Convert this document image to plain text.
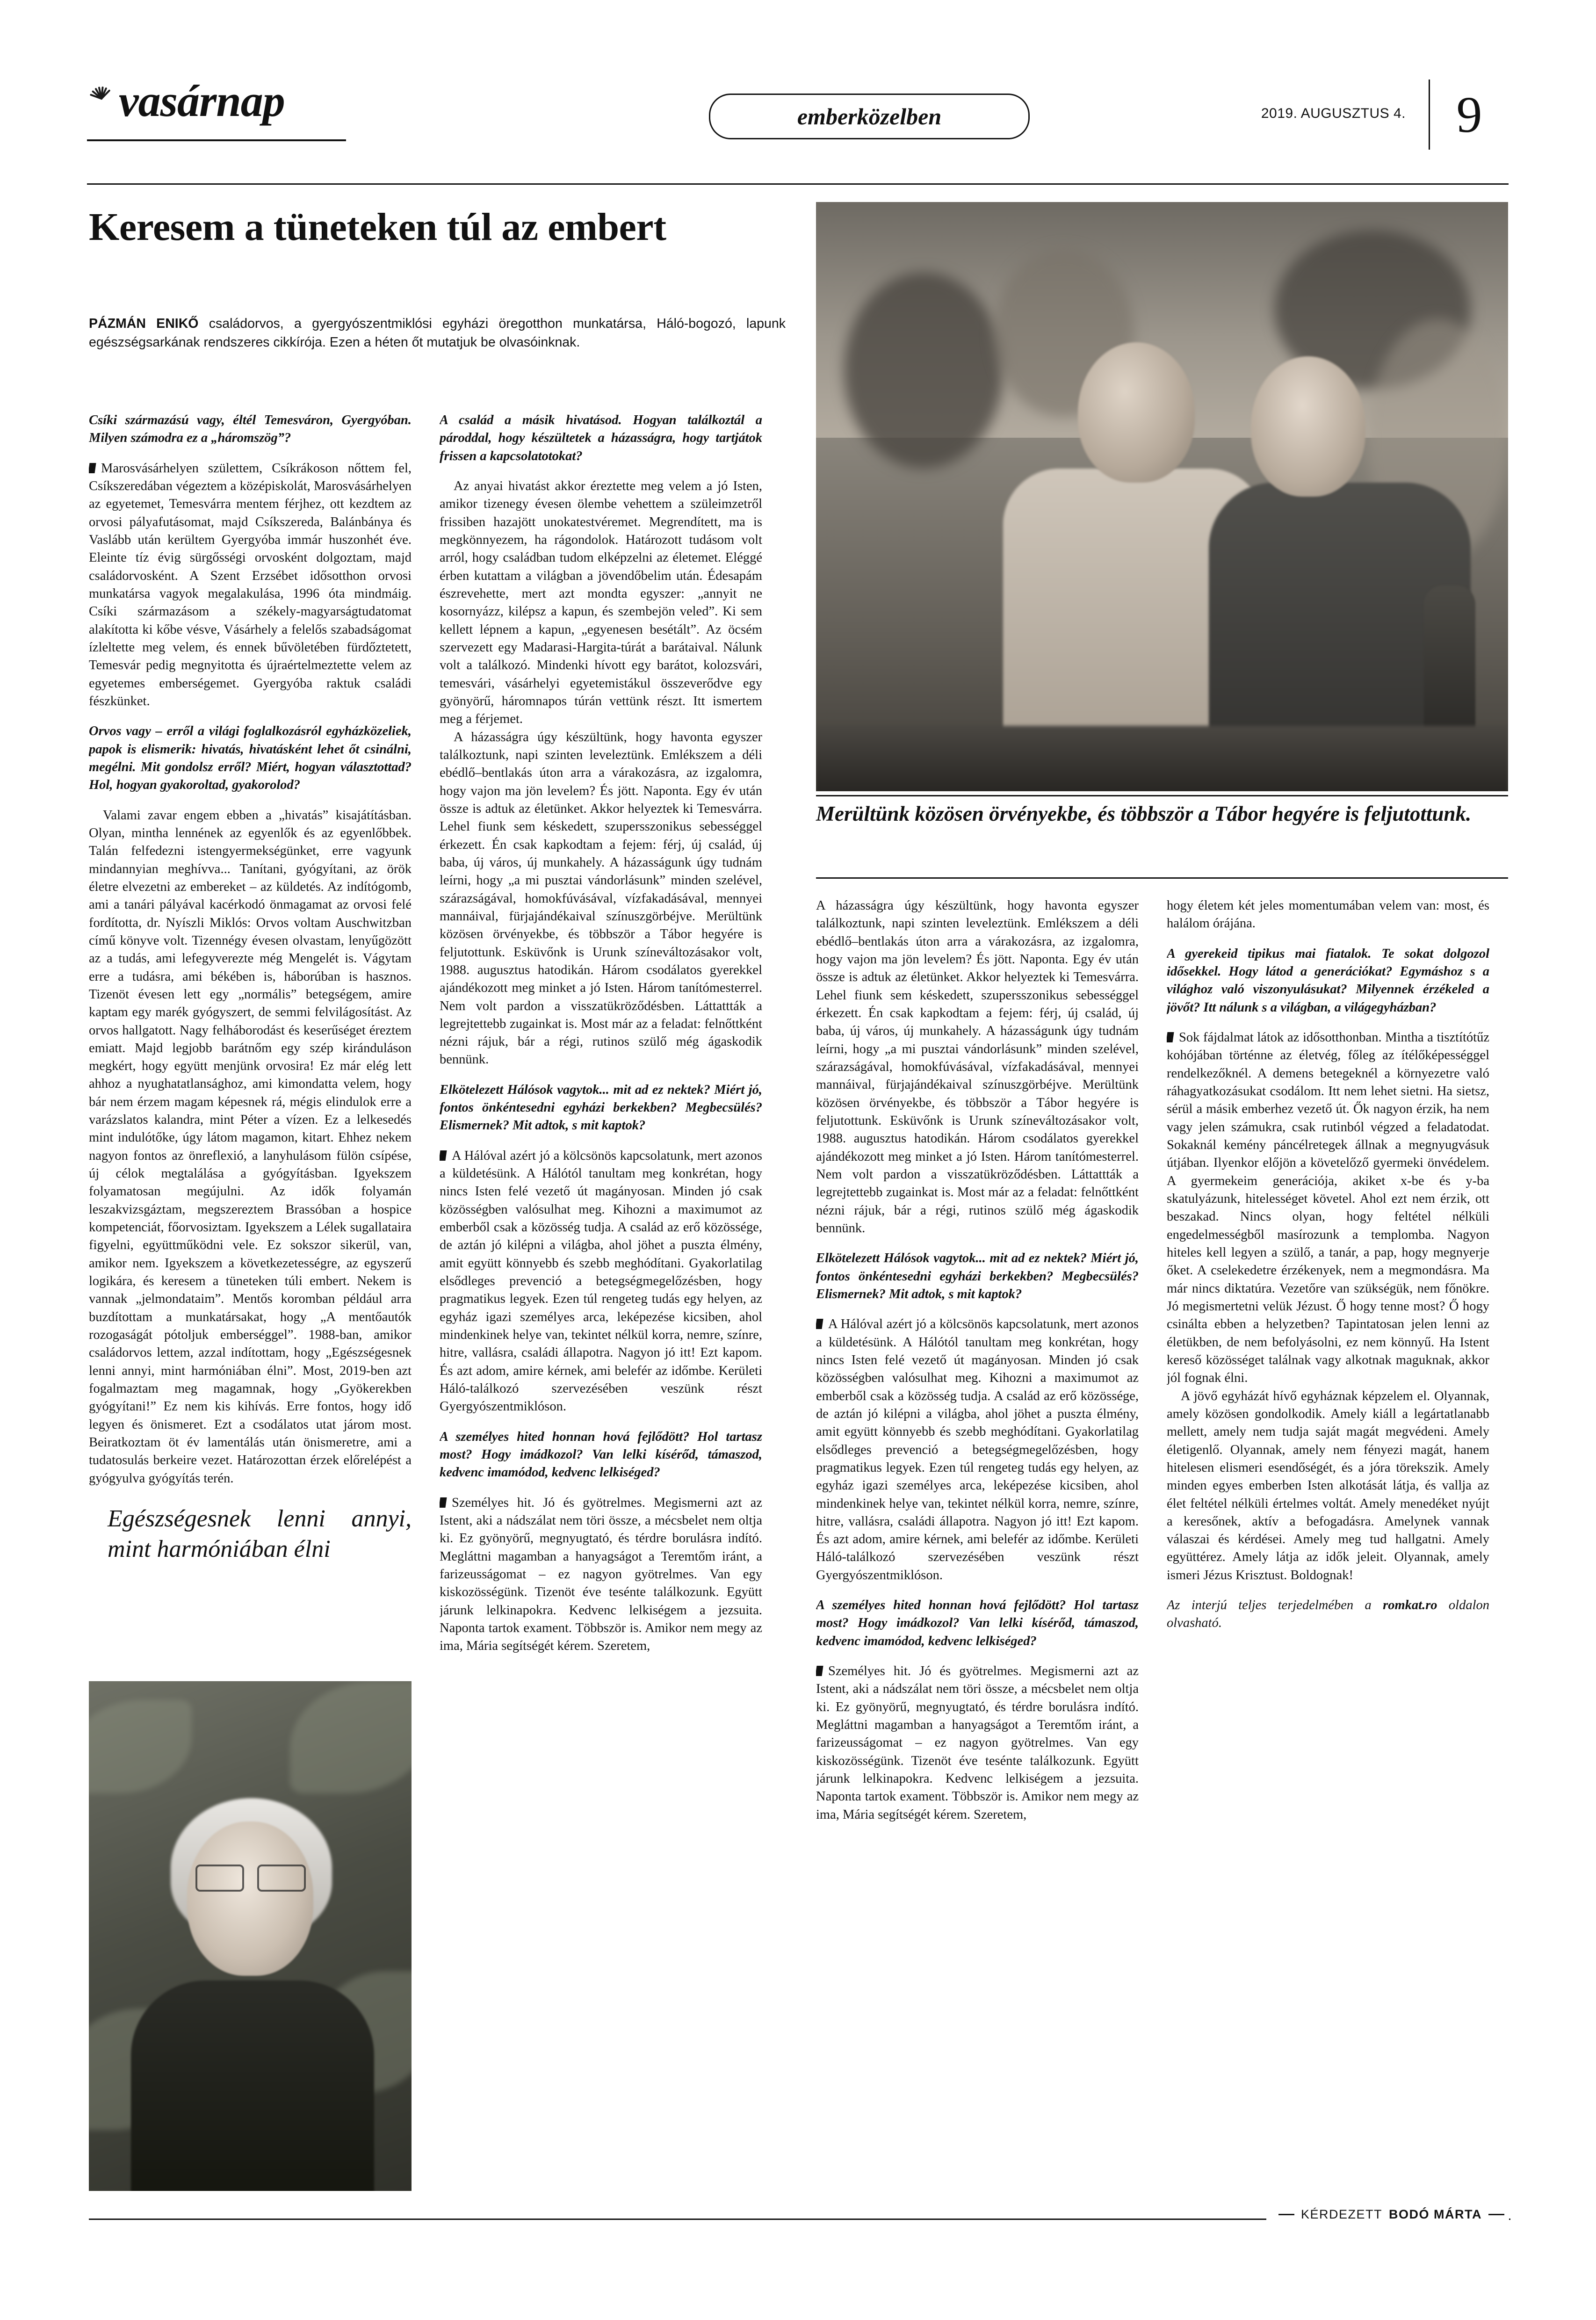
vasárnap	emberközelben	2019. AUGUSZTUS 4. 9
Keresem a tüneteken túl az embert
PÁZMÁN ENIKŐ családorvos, a gyergyószentmiklósi egyházi öregotthon munkatársa, Háló-bogozó, lapunk egészségsarkának rendszeres cikkírója. Ezen a héten őt mutatjuk be olvasóinknak.
Merültünk közösen örvényekbe, és többször a Tábor hegyére is feljutottunk.
Csíki származású vagy, éltél Temesváron, Gyergyóban. Milyen számodra ez a „háromszög”?

Marosvásárhelyen születtem, Csíkrákoson nőttem fel, Csíkszeredában végeztem a középiskolát, Marosvásárhelyen az egyetemet, Temesvárra mentem férjhez, ott kezdtem az orvosi pályafutásomat, majd Csíkszereda, Balánbánya és Vaslább után kerültem Gyergyóba immár huszonhét éve. Eleinte tíz évig sürgősségi orvosként dolgoztam, majd családorvosként. A Szent Erzsébet idősotthon orvosi munkatársa vagyok megalakulása, 1996 óta mindmáig. Csíki származásom a székely-magyarságtudatomat alakította ki kőbe vésve, Vásárhely a felelős szabadságomat ízleltette meg velem, és ennek bűvöletében fürdőztetett, Temesvár pedig megnyitotta és újraértelmeztette velem az egyetemes emberségemet. Gyergyóba raktuk családi fészkünket.

Orvos vagy – erről a világi foglalkozásról egyházközeliek, papok is elismerik: hivatás, hivatásként lehet őt csinálni, megélni. Mit gondolsz erről? Miért, hogyan választottad? Hol, hogyan gyakoroltad, gyakorolod?

Valami zavar engem ebben a „hivatás” kisajátításban. Olyan, mintha lennének az egyenlők és az egyenlőbbek. Talán felfedezni istengyermekségünket, erre vagyunk mindannyian meghívva... Tanítani, gyógyítani, az örök életre elvezetni az embereket – az küldetés. Az indítógomb, ami a tanári pályával kacérkodó önmagamat az orvosi felé fordította, dr. Nyíszli Miklós: Orvos voltam Auschwitzban című könyve volt. Tizennégy évesen olvastam, lenyűgözött az a tudás, ami lefegyverezte még Mengelét is. Vágytam erre a tudásra, ami békében is, háborúban is hasznos. Tizenöt évesen lett egy „normális” betegségem, amire kaptam egy marék gyógyszert, de semmi felvilágosítást. Az orvos hallgatott. Nagy felháborodást és keserűséget éreztem emiatt. Majd legjobb barátnőm egy szép kiránduláson megkért, hogy együtt menjünk orvosira! Ez már elég lett ahhoz a nyughatatlansághoz, ami kimondatta velem, hogy bár nem érzem magam képesnek rá, mégis elindulok erre a varázslatos kalandra, mint Péter a vízen. Ez a lelkesedés mint indulótőke, úgy látom magamon, kitart. Ehhez nekem nagyon fontos az önreflexió, a lanyhulásom fülön csípése, új célok megtalálása a gyógyításban. Igyekszem folyamatosan megújulni. Az idők folyamán leszakvizsgáztam, megszereztem Brassóban a hospice kompetenciát, főorvosiztam. Igyekszem a Lélek sugallataira figyelni, együttműködni vele. Ez sokszor sikerül, van, amikor nem. Igyekszem a következetességre, az egyszerű logikára, és keresem a tüneteken túli embert. Nekem is vannak „jelmondataim”. Mentős koromban például arra buzdítottam a munkatársakat, hogy „A mentőautók rozogaságát pótoljuk emberséggel”. 1988-ban, amikor családorvos lettem, azzal indítottam, hogy „Egészségesnek lenni annyi, mint harmóniában élni”. Most, 2019-ben azt fogalmaztam meg magamnak, hogy „Gyökerekben gyógyítani!” Ez nem kis kihívás. Erre fontos, hogy idő legyen és önismeret. Ezt a csodálatos utat járom most. Beiratkoztam öt év lamentálás után önismeretre, ami a tudatosulás berkeire vezet. Határozottan érzek előrelépést a gyógyulva gyógyítás terén.

Egészségesnek lenni annyi, mint harmóniában élni
A család a másik hivatásod. Hogyan találkoztál a pároddal, hogy készültetek a házasságra, hogy tartjátok frissen a kapcsolatotokat?

Az anyai hivatást akkor éreztette meg velem a jó Isten, amikor tizenegy évesen ölembe vehettem a szüleimzetről frissiben hazajött unokatestvéremet. Megrendített, ma is megkönnyezem, ha rágondolok. Határozott tudásom volt arról, hogy családban tudom elképzelni az életemet. Eléggé érben kutattam a világban a jövendőbelim után. Édesapám észrevehette, mert azt mondta egyszer: „annyit ne kosornyázz, kilépsz a kapun, és szembejön veled”. Ki sem kellett lépnem a kapun, „egyenesen besétált”. Az öcsém szervezett egy Madarasi-Hargita-túrát a barátaival. Nálunk volt a találkozó. Mindenki hívott egy barátot, kolozsvári, temesvári, vásárhelyi egyetemistákul összeverődve egy gyönyörű, háromnapos túrán vettünk részt. Itt ismertem meg a férjemet.

A házasságra úgy készültünk, hogy havonta egyszer találkoztunk, napi szinten leveleztünk. Emlékszem a déli ebédlő–bentlakás úton arra a várakozásra, az izgalomra, hogy vajon ma jön levelem? És jött. Naponta. Egy év után össze is adtuk az életünket. Akkor helyeztek ki Temesvárra. Lehel fiunk sem késkedett, szupersszonikus sebességgel érkezett. Én csak kapkodtam a fejem: férj, új család, új baba, új város, új munkahely. A házasságunk úgy tudnám leírni, hogy „a mi pusztai vándorlásunk” minden szelével, szárazságával, homokfúvásával, vízfakadásával, mennyei mannáival, fürjajándékaival színuszgörbéjve. Merültünk közösen örvényekbe, és többször a Tábor hegyére is feljutottunk. Esküvőnk is Urunk színeváltozásakor volt, 1988. augusztus hatodikán. Három csodálatos gyerekkel ajándékozott meg minket a jó Isten. Három tanítómesterrel. Nem volt pardon a visszatükröződésben. Láttattták a legrejtettebb zugainkat is. Most már az a feladat: felnőttként nézni rájuk, bár a régi, rutinos szülő még ágaskodik bennünk.

Elkötelezett Hálósok vagytok... mit ad ez nektek? Miért jó, fontos önkéntesedni egyházi berkekben? Megbecsülés? Elismernek? Mit adtok, s mit kaptok?

A Hálóval azért jó a kölcsönös kapcsolatunk, mert azonos a küldetésünk. A Hálótól tanultam meg konkrétan, hogy nincs Isten felé vezető út magányosan. Minden jó csak közösségben valósulhat meg. Kihozni a maximumot az emberből csak a közösség tudja. A család az erő közössége, de aztán jó kilépni a világba, ahol jöhet a puszta élmény, amit együtt könnyebb és szebb meghódítani. Gyakorlatilag elsődleges prevenció a betegségmegelőzésben, hogy pragmatikus legyek. Ezen túl rengeteg tudás egy helyen, az egyház igazi személyes arca, leképezése kicsiben, ahol mindenkinek helye van, tekintet nélkül korra, nemre, színre, hitre, vallásra, családi állapotra. Nagyon jó itt! Ezt kapom. És azt adom, amire kérnek, ami belefér az időmbe. Kerületi Háló-találkozó szervezésében veszünk részt Gyergyószentmiklóson.

A személyes hited honnan hová fejlődött? Hol tartasz most? Hogy imádkozol? Van lelki kísérőd, támaszod, kedvenc imamódod, kedvenc lelkiséged?

Személyes hit. Jó és gyötrelmes. Megismerni azt az Istent, aki a nádszálat nem töri össze, a mécsbelet nem oltja ki. Ez gyönyörű, megnyugtató, és térdre borulásra indító. Megláttni magamban a hanyagságot a Teremtőm iránt, a farizeusságomat – ez nagyon gyötrelmes. Van egy kiskozösségünk. Tizenöt éve tesénte találkozunk. Együtt járunk lelkinapokra. Kedvenc lelkiségem a jezsuita. Naponta tartok exament. Többször is. Amikor nem megy az ima, Mária segítségét kérem. Szeretem,

A házasságra úgy készültünk, hogy havonta egyszer találkoztunk, napi szinten leveleztünk. Emlékszem a déli ebédlő–bentlakás úton arra a várakozásra, az izgalomra, hogy vajon ma jön levelem? És jött. Naponta. Egy év után össze is adtuk az életünket. Akkor helyeztek ki Temesvárra. Lehel fiunk sem késkedett, szupersszonikus sebességgel érkezett. Én csak kapkodtam a fejem: férj, új család, új baba, új város, új munkahely. A házasságunk úgy tudnám leírni, hogy „a mi pusztai vándorlásunk” minden szelével, szárazságával, homokfúvásával, vízfakadásával, mennyei mannáival, fürjajándékaival színuszgörbéjve. Merültünk közösen örvényekbe, és többször a Tábor hegyére is feljutottunk. Esküvőnk is Urunk színeváltozásakor volt, 1988. augusztus hatodikán. Három csodálatos gyerekkel ajándékozott meg minket a jó Isten. Három tanítómesterrel. Nem volt pardon a visszatükröződésben. Láttattták a legrejtettebb zugainkat is. Most már az a feladat: felnőttként nézni rájuk, bár a régi, rutinos szülő még ágaskodik bennünk.

Elkötelezett Hálósok vagytok... mit ad ez nektek? Miért jó, fontos önkéntesedni egyházi berkekben? Megbecsülés? Elismernek? Mit adtok, s mit kaptok?

A Hálóval azért jó a kölcsönös kapcsolatunk, mert azonos a küldetésünk. A Hálótól tanultam meg konkrétan, hogy nincs Isten felé vezető út magányosan. Minden jó csak közösségben valósulhat meg. Kihozni a maximumot az emberből csak a közösség tudja. A család az erő közössége, de aztán jó kilépni a világba, ahol jöhet a puszta élmény, amit együtt könnyebb és szebb meghódítani. Gyakorlatilag elsődleges prevenció a betegségmegelőzésben, hogy pragmatikus legyek. Ezen túl rengeteg tudás egy helyen, az egyház igazi személyes arca, leképezése kicsiben, ahol mindenkinek helye van, tekintet nélkül korra, nemre, színre, hitre, vallásra, családi állapotra. Nagyon jó itt! Ezt kapom. És azt adom, amire kérnek, ami belefér az időmbe. Kerületi Háló-találkozó szervezésében veszünk részt Gyergyószentmiklóson.

A személyes hited honnan hová fejlődött? Hol tartasz most? Hogy imádkozol? Van lelki kísérőd, támaszod, kedvenc imamódod, kedvenc lelkiséged?

Személyes hit. Jó és gyötrelmes. Megismerni azt az Istent, aki a nádszálat nem töri össze, a mécsbelet nem oltja ki. Ez gyönyörű, megnyugtató, és térdre borulásra indító. Megláttni magamban a hanyagságot a Teremtőm iránt, a farizeusságomat – ez nagyon gyötrelmes. Van egy kiskozösségünk. Tizenöt éve tesénte találkozunk. Együtt járunk lelkinapokra. Kedvenc lelkiségem a jezsuita. Naponta tartok exament. Többször is. Amikor nem megy az ima, Mária segítségét kérem. Szeretem,

hogy életem két jeles momentumában velem van: most, és halálom órájána.

A gyerekeid tipikus mai fiatalok. Te sokat dolgozol idősekkel. Hogy látod a generációkat? Egymáshoz s a világhoz való viszonyulásukat? Milyennek érzékeled a jövőt? Itt nálunk s a világban, a világegyházban?

Sok fájdalmat látok az idősotthonban. Mintha a tisztítótűz kohójában történne az életvég, főleg az ítélőképességgel rendelkezőknél. A demens betegeknél a környezetre való ráhagyatkozásukat csodálom. Itt nem lehet sietni. Ha sietsz, sérül a másik emberhez vezető út. Ők nagyon érzik, ha nem vagy jelen számukra, csak rutinból végzed a feladatodat. Sokaknál kemény páncélretegek állnak a megnyugvásuk útjában. Ilyenkor előjön a követelőző gyermeki önvédelem. A gyermekeim generációja, akiket x-be és y-ba skatulyázunk, hitelességet követel. Ahol ezt nem érzik, ott beszakad. Nincs olyan, hogy feltétel nélküli engedelmességből masírozunk a templomba. Nagyon hiteles kell legyen a szülő, a tanár, a pap, hogy megnyerje őket. A cselekedetre érzékenyek, nem a megmondásra. Ma már nincs diktatúra. Vezetőre van szükségük, nem főnökre. Jó megismertetni velük Jézust. Ő hogy tenne most? Ő hogy csinálta ebben a helyzetben? Tapintatosan jelen lenni az életükben, de nem befolyásolni, ez nem könnyű. Ha Istent kereső közösséget találnak vagy alkotnak maguknak, akkor jól fognak élni.

A jövő egyházát hívő egyháznak képzelem el. Olyannak, amely közösen gondolkodik. Amely kiáll a legártatlanabb mellett, amely nem tudja saját magát megvédeni. Amely életigenlő. Olyannak, amely nem fényezi magát, hanem hitelesen elismeri esendőségét, és a jóra törekszik. Amely minden egyes emberben Isten alkotását látja, és vallja az élet feltétel nélküli értelmes voltát. Amely menedéket nyújt a keresőnek, aktív a befogadásra. Amelynek vannak válaszai és kérdései. Amely meg tud hallgatni. Amely együttérez. Amely látja az idők jeleit. Olyannak, amely ismeri Jézus Krisztust. Boldognak!

Az interjú teljes terjedelmében a romkat.ro oldalon olvasható.
KÉRDEZETT BODÓ MÁRTA
